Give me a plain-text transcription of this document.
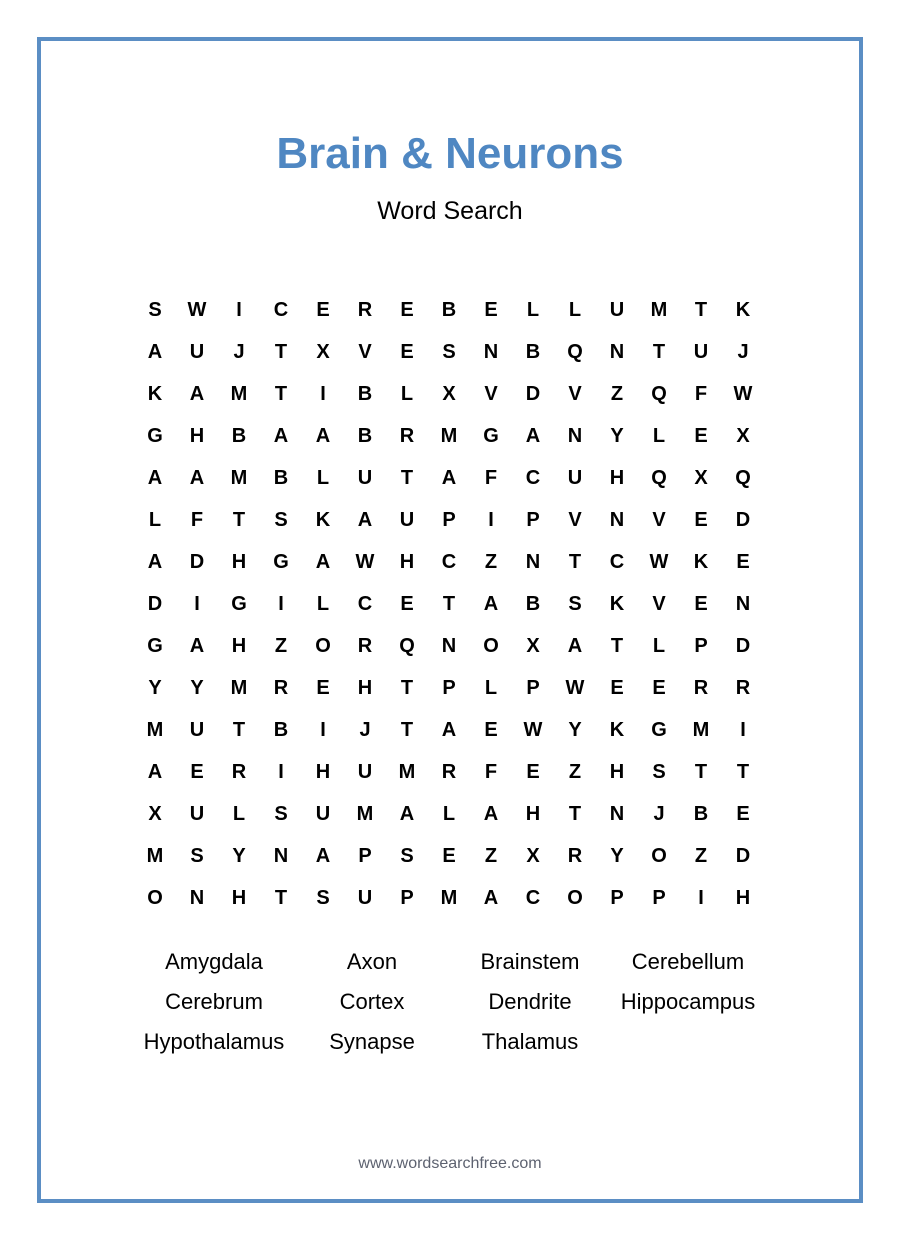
Brain & Neurons
Word Search
S	W	I	C	E	R	E	B	E	L	L	U	M	T	K
A	U	J	T	X	V	E	S	N	B	Q	N	T	U	J
K	A	M	T	I	B	L	X	V	D	V	Z	Q	F	W
G	H	B	A	A	B	R	M	G	A	N	Y	L	E	X
A	A	M	B	L	U	T	A	F	C	U	H	Q	X	Q
L	F	T	S	K	A	U	P	I	P	V	N	V	E	D
A	D	H	G	A	W	H	C	Z	N	T	C	W	K	E
D	I	G	I	L	C	E	T	A	B	S	K	V	E	N
G	A	H	Z	O	R	Q	N	O	X	A	T	L	P	D
Y	Y	M	R	E	H	T	P	L	P	W	E	E	R	R
M	U	T	B	I	J	T	A	E	W	Y	K	G	M	I
A	E	R	I	H	U	M	R	F	E	Z	H	S	T	T
X	U	L	S	U	M	A	L	A	H	T	N	J	B	E
M	S	Y	N	A	P	S	E	Z	X	R	Y	O	Z	D
O	N	H	T	S	U	P	M	A	C	O	P	P	I	H
Amygdala	Axon	Brainstem	Cerebellum
Cerebrum	Cortex	Dendrite	Hippocampus
Hypothalamus	Synapse	Thalamus
www.wordsearchfree.com
